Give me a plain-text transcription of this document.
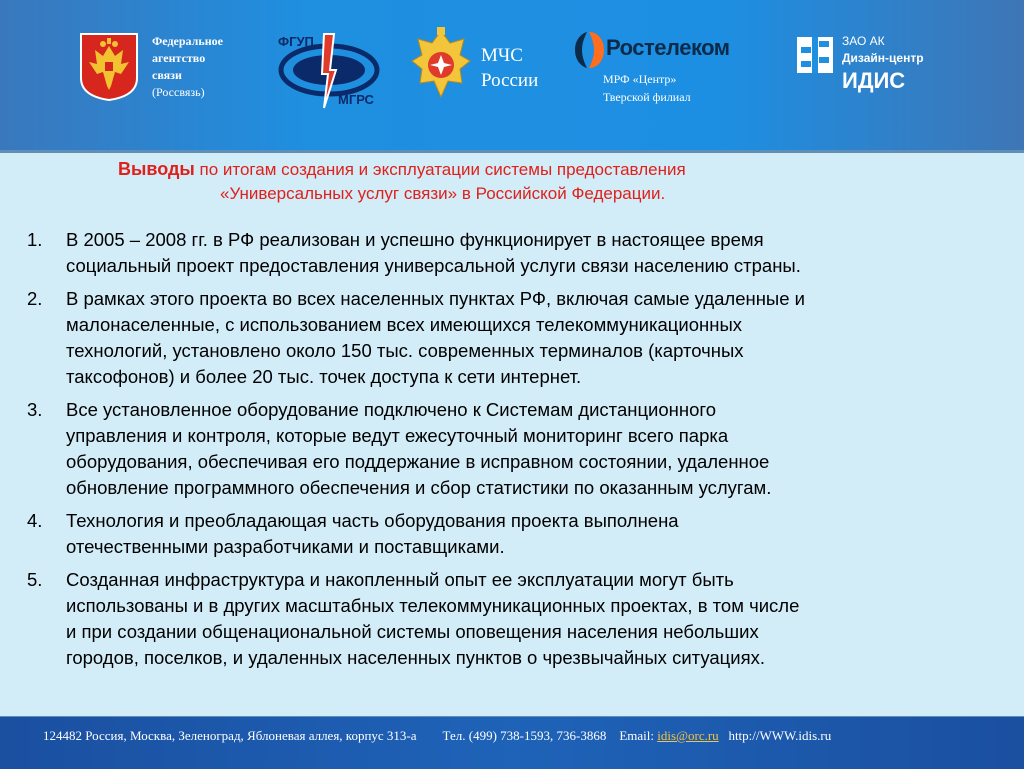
Федеральное
агентство
связи
(Россвязь)
ФГУП
МГРС
МЧС
России
Ростелеком
МРФ «Центр»
Тверской филиал
ЗАО АК
Дизайн-центр
ИДИС
Выводы по итогам создания и эксплуатации системы предоставления
«Универсальных услуг связи» в Российской Федерации.
1. В 2005 – 2008 гг. в РФ реализован и успешно функционирует в настоящее время
социальный проект предоставления универсальной услуги связи населению страны.
2. В рамках этого проекта во всех населенных пунктах РФ, включая самые удаленные и
малонаселенные, с использованием всех имеющихся телекоммуникационных
технологий, установлено около 150 тыс. современных терминалов (карточных
таксофонов) и более 20 тыс. точек доступа к сети интернет.
3. Все установленное оборудование подключено к Системам дистанционного
управления и контроля, которые ведут ежесуточный мониторинг всего парка
оборудования, обеспечивая его поддержание в исправном состоянии, удаленное
обновление программного обеспечения и сбор статистики по оказанным услугам.
4. Технология и преобладающая часть оборудования проекта выполнена
отечественными разработчиками и поставщиками.
5. Созданная инфраструктура и накопленный опыт ее эксплуатации могут быть
использованы и в других масштабных телекоммуникационных проектах, в том числе
и при создании общенациональной системы оповещения населения небольших
городов, поселков, и удаленных населенных пунктов о чрезвычайных ситуациях.
124482 Россия, Москва, Зеленоград, Яблоневая аллея, корпус 313-а Тел. (499) 738-1593, 736-3868 Email: idis@orc.ru http://WWW.idis.ru
